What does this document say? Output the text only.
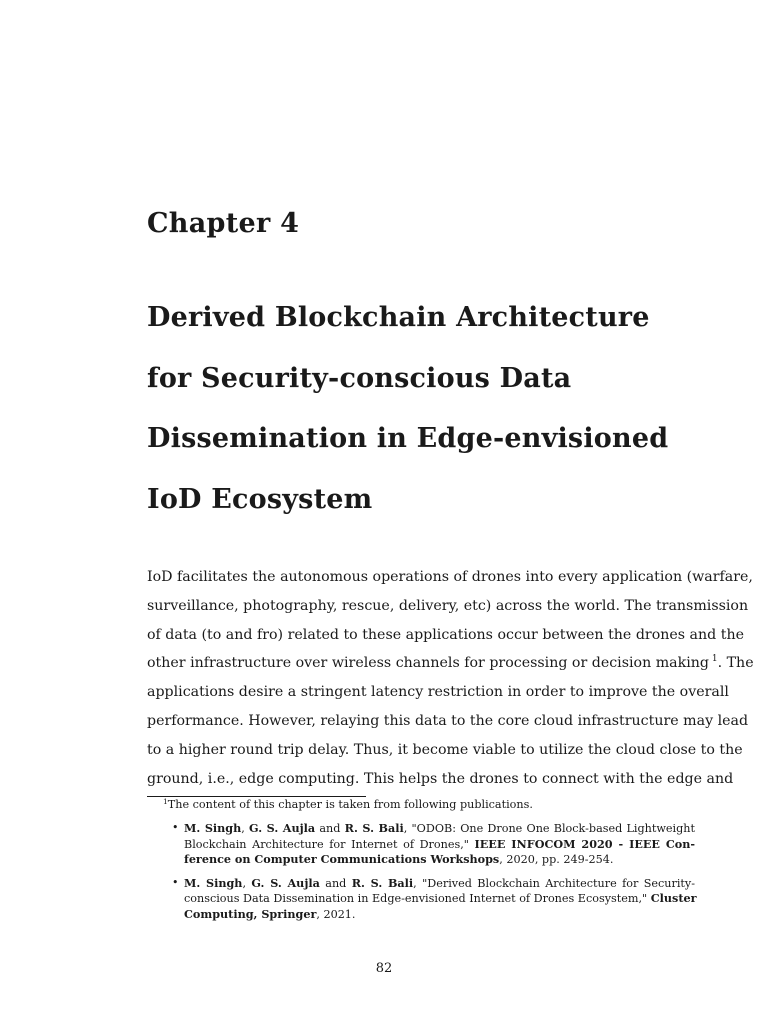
Chapter 4
Derived Blockchain Architecture
for Security-conscious Data
Dissemination in Edge-envisioned
IoD Ecosystem
IoD facilitates the autonomous operations of drones into every application (warfare,
surveillance, photography, rescue, delivery, etc) across the world. The transmission
of data (to and fro) related to these applications occur between the drones and the
other infrastructure over wireless channels for processing or decision making  $^1$. The
applications desire a stringent latency restriction in order to improve the overall
performance. However, relaying this data to the core cloud infrastructure may lead
to a higher round trip delay. Thus, it become viable to utilize the cloud close to the
ground, i.e., edge computing. This helps the drones to connect with the edge and

$^1$The content of this chapter is taken from following publications.

• M. Singh, G. S. Aujla and R. S. Bali, "ODOB: One Drone One Block-based Lightweight
Blockchain Architecture for Internet of Drones," IEEE INFOCOM 2020 - IEEE Con-
ference on Computer Communications Workshops, 2020, pp. 249-254.
• M. Singh, G. S. Aujla and R. S. Bali, "Derived Blockchain Architecture for Security-
conscious Data Dissemination in Edge-envisioned Internet of Drones Ecosystem," Cluster
Computing, Springer, 2021.
82
